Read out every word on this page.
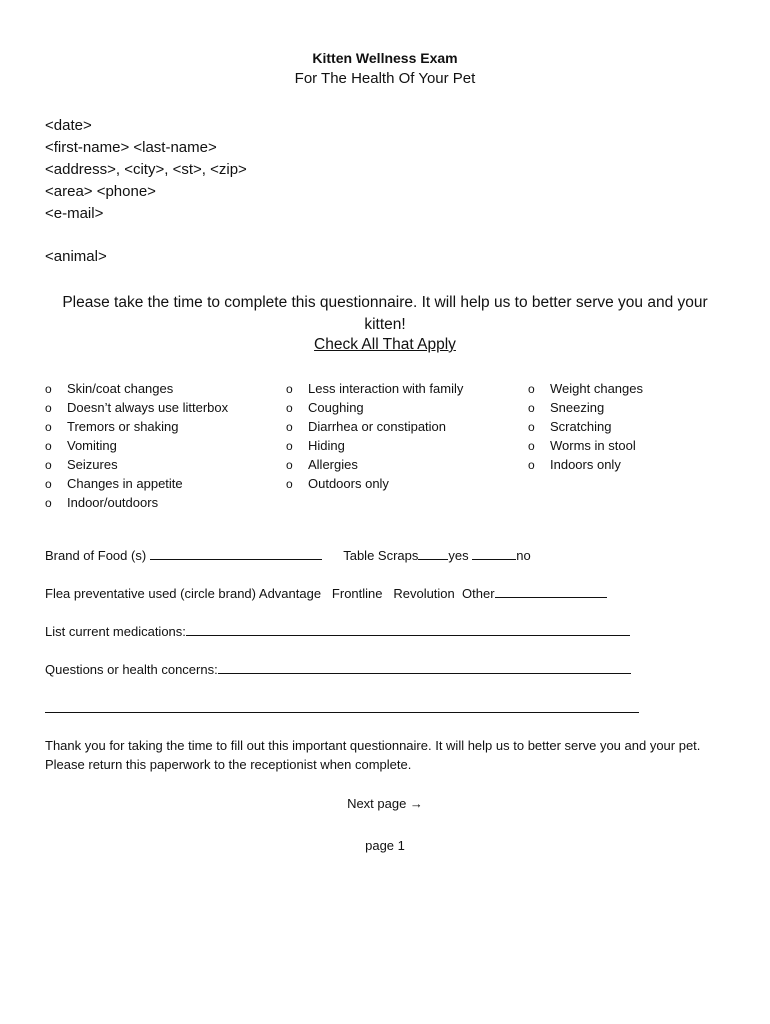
Kitten Wellness Exam
For The Health Of Your Pet
<date>
<first-name> <last-name>
<address>, <city>, <st>, <zip>
<area> <phone>
<e-mail>
<animal>
Please take the time to complete this questionnaire. It will help us to better serve you and your kitten!
Check All That Apply
o Skin/coat changes
o Doesn’t always use litterbox
o Tremors or shaking
o Vomiting
o Seizures
o Changes in appetite
o Indoor/outdoors
o Less interaction with family
o Coughing
o Diarrhea or constipation
o Hiding
o Allergies
o Outdoors only
o Weight changes
o Sneezing
o Scratching
o Worms in stool
o Indoors only
Brand of Food (s)	Table Scraps yes	no
Flea preventative used (circle brand) Advantage Frontline Revolution Other
List current medications:
Questions or health concerns:
Thank you for taking the time to fill out this important questionnaire. It will help us to better serve you and your pet. Please return this paperwork to the receptionist when complete.
Next page →
page 1
